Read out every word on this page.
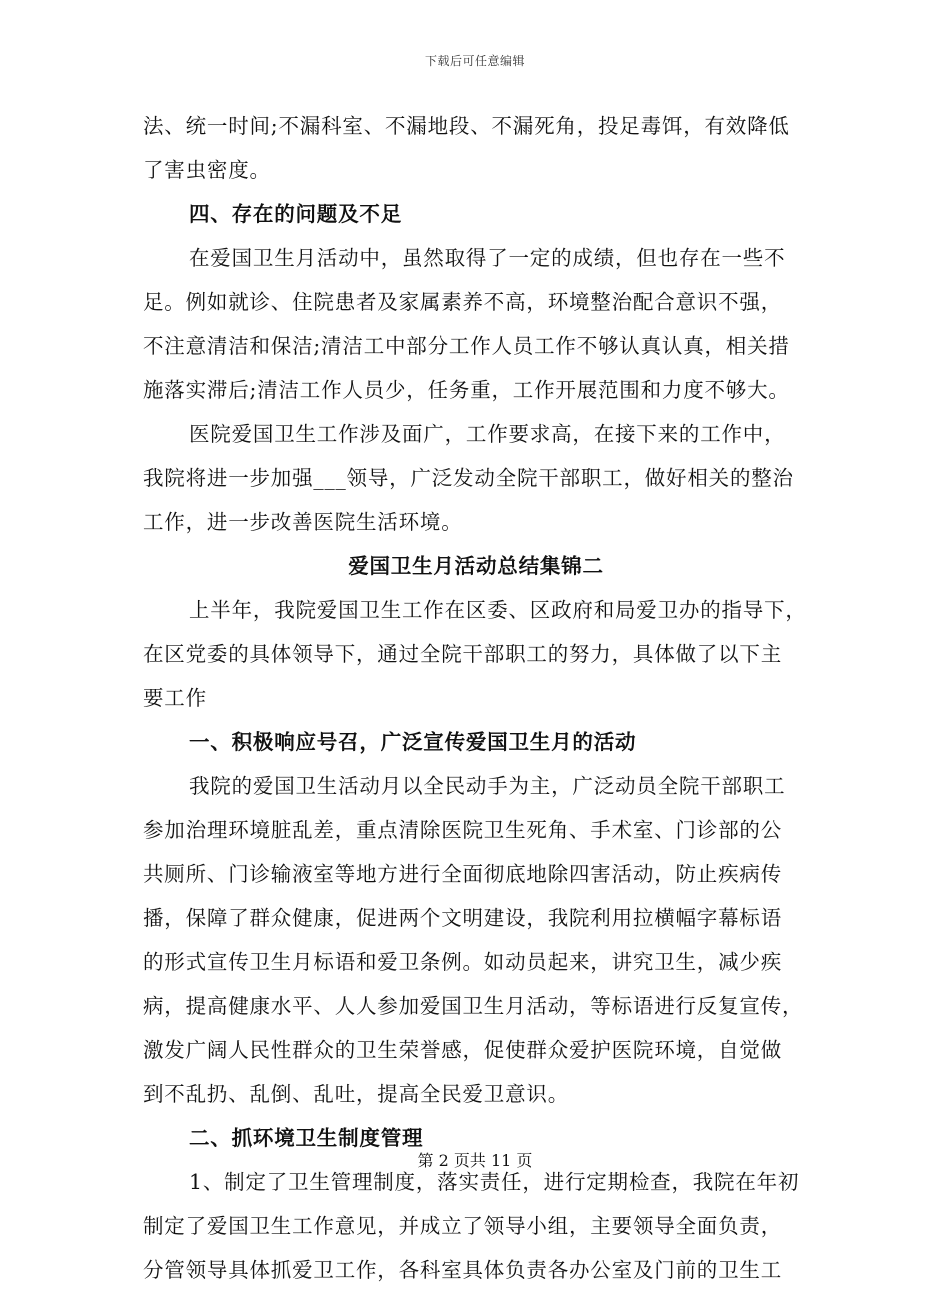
下载后可任意编辑
法、统一时间;不漏科室、不漏地段、不漏死角，投足毒饵，有效降低
了害虫密度。
四、存在的问题及不足
在爱国卫生月活动中，虽然取得了一定的成绩，但也存在一些不
足。例如就诊、住院患者及家属素养不高，环境整治配合意识不强，
不注意清洁和保洁;清洁工中部分工作人员工作不够认真认真，相关措
施落实滞后;清洁工作人员少，任务重，工作开展范围和力度不够大。
医院爱国卫生工作涉及面广，工作要求高，在接下来的工作中，
我院将进一步加强___领导，广泛发动全院干部职工，做好相关的整治
工作，进一步改善医院生活环境。
爱国卫生月活动总结集锦二
上半年，我院爱国卫生工作在区委、区政府和局爱卫办的指导下，
在区党委的具体领导下，通过全院干部职工的努力，具体做了以下主
要工作
一、积极响应号召，广泛宣传爱国卫生月的活动
我院的爱国卫生活动月以全民动手为主，广泛动员全院干部职工
参加治理环境脏乱差，重点清除医院卫生死角、手术室、门诊部的公
共厕所、门诊输液室等地方进行全面彻底地除四害活动，防止疾病传
播，保障了群众健康，促进两个文明建设，我院利用拉横幅字幕标语
的形式宣传卫生月标语和爱卫条例。如动员起来，讲究卫生，减少疾
病，提高健康水平、人人参加爱国卫生月活动，等标语进行反复宣传，
激发广阔人民性群众的卫生荣誉感，促使群众爱护医院环境，自觉做
到不乱扔、乱倒、乱吐，提高全民爱卫意识。
二、抓环境卫生制度管理
1、制定了卫生管理制度，落实责任，进行定期检查，我院在年初
制定了爱国卫生工作意见，并成立了领导小组，主要领导全面负责，
分管领导具体抓爱卫工作，各科室具体负责各办公室及门前的卫生工
第 2 页共 11 页
